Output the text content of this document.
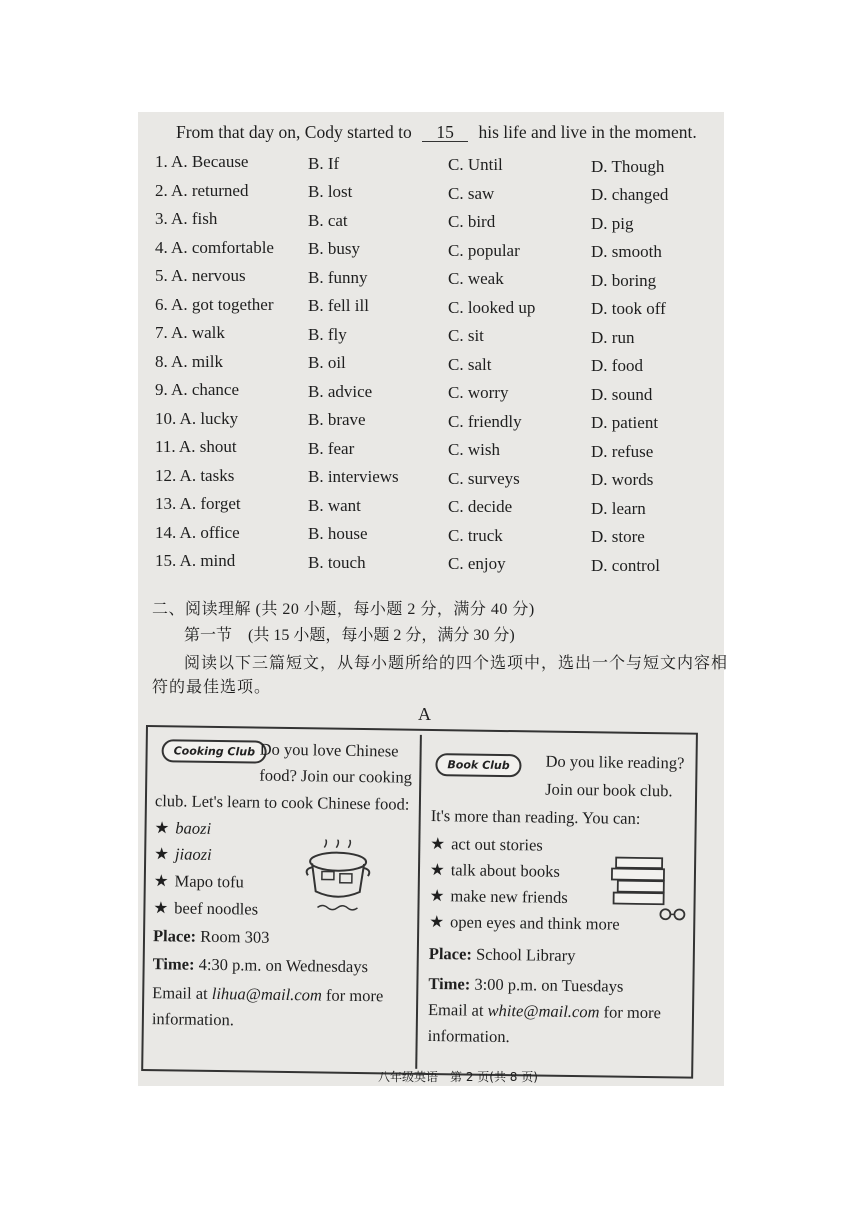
From that day on, Cody started to 15 his life and live in the moment.
1. A. Because	B. If	C. Until	D. Though
2. A. returned	B. lost	C. saw	D. changed
3. A. fish	B. cat	C. bird	D. pig
4. A. comfortable B. busy	C. popular	D. smooth
5. A. nervous	B. funny	C. weak	D. boring
6. A. got together B. fell ill	C. looked up	D. took off
7. A. walk	B. fly	C. sit	D. run
8. A. milk	B. oil	C. salt	D. food
9. A. chance	B. advice	C. worry	D. sound
10. A. lucky	B. brave	C. friendly	D. patient
11. A. shout	B. fear	C. wish	D. refuse
12. A. tasks	B. interviews	C. surveys	D. words
13. A. forget	B. want	C. decide	D. learn
14. A. office	B. house	C. truck	D. store
15. A. mind	B. touch	C. enjoy	D. control
二、阅读理解 (共 20 小题，每小题 2 分，满分 40 分)
第一节　(共 15 小题，每小题 2 分，满分 30 分)
阅读以下三篇短文，从每小题所给的四个选项中，选出一个与短文内容相
符的最佳选项。
A
Cooking Club Do you love Chinese
food? Join our cooking
club. Let's learn to cook Chinese food:
★ baozi
★ jiaozi
★ Mapo tofu
★ beef noodles
Place: Room 303
Time: 4:30 p.m. on Wednesdays
Email at lihua@mail.com for more
information.
Book Club	Do you like reading?
Join our book club.
It's more than reading. You can:
★ act out stories
★ talk about books
★ make new friends
★ open eyes and think more
Place: School Library
Time: 3:00 p.m. on Tuesdays
Email at white@mail.com for more
information.
八年级英语　第 2 页(共 8 页)
